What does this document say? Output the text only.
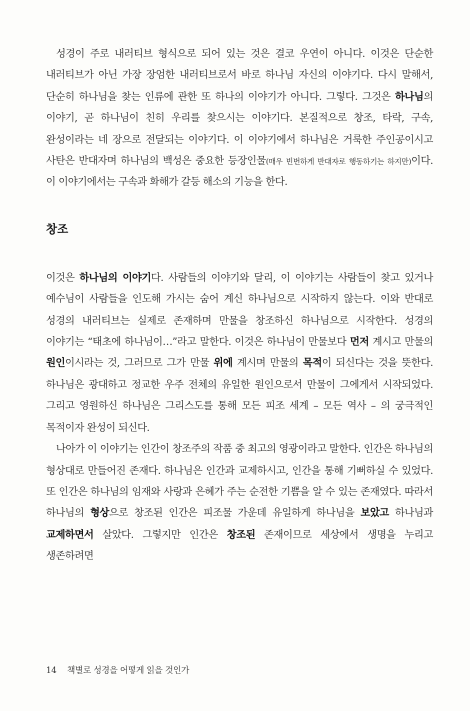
성경이 주로 내러티브 형식으로 되어 있는 것은 결코 우연이 아니다. 이것은 단순한 내러티브가 아닌 가장 장엄한 내러티브로서 바로 하나님 자신의 이야기다. 다시 말해서, 단순히 하나님을 찾는 인류에 관한 또 하나의 이야기가 아니다. 그렇다. 그것은 하나님의 이야기, 곧 하나님이 친히 우리를 찾으시는 이야기다. 본질적으로 창조, 타락, 구속, 완성이라는 네 장으로 전달되는 이야기다. 이 이야기에서 하나님은 거룩한 주인공이시고 사탄은 반대자며 하나님의 백성은 중요한 등장인물(매우 빈번하게 반대자로 행동하기는 하지만)이다. 이 이야기에서는 구속과 화해가 갈등 해소의 기능을 한다.

창조

이것은 하나님의 이야기다. 사람들의 이야기와 달리, 이 이야기는 사람들이 찾고 있거나 예수님이 사람들을 인도해 가시는 숨어 계신 하나님으로 시작하지 않는다. 이와 반대로 성경의 내러티브는 실제로 존재하며 만물을 창조하신 하나님으로 시작한다. 성경의 이야기는 “태초에 하나님이…”라고 말한다. 이것은 하나님이 만물보다 먼저 계시고 만물의 원인이시라는 것, 그러므로 그가 만물 위에 계시며 만물의 목적이 되신다는 것을 뜻한다. 하나님은 광대하고 정교한 우주 전체의 유일한 원인으로서 만물이 그에게서 시작되었다. 그리고 영원하신 하나님은 그리스도를 통해 모든 피조 세계 – 모든 역사 – 의 궁극적인 목적이자 완성이 되신다.

나아가 이 이야기는 인간이 창조주의 작품 중 최고의 영광이라고 말한다. 인간은 하나님의 형상대로 만들어진 존재다. 하나님은 인간과 교제하시고, 인간을 통해 기뻐하실 수 있었다. 또 인간은 하나님의 임재와 사랑과 은혜가 주는 순전한 기쁨을 알 수 있는 존재였다. 따라서 하나님의 형상으로 창조된 인간은 피조물 가운데 유일하게 하나님을 보았고 하나님과 교제하면서 살았다. 그렇지만 인간은 창조된 존재이므로 세상에서 생명을 누리고 생존하려면

14 책별로 성경을 어떻게 읽을 것인가
